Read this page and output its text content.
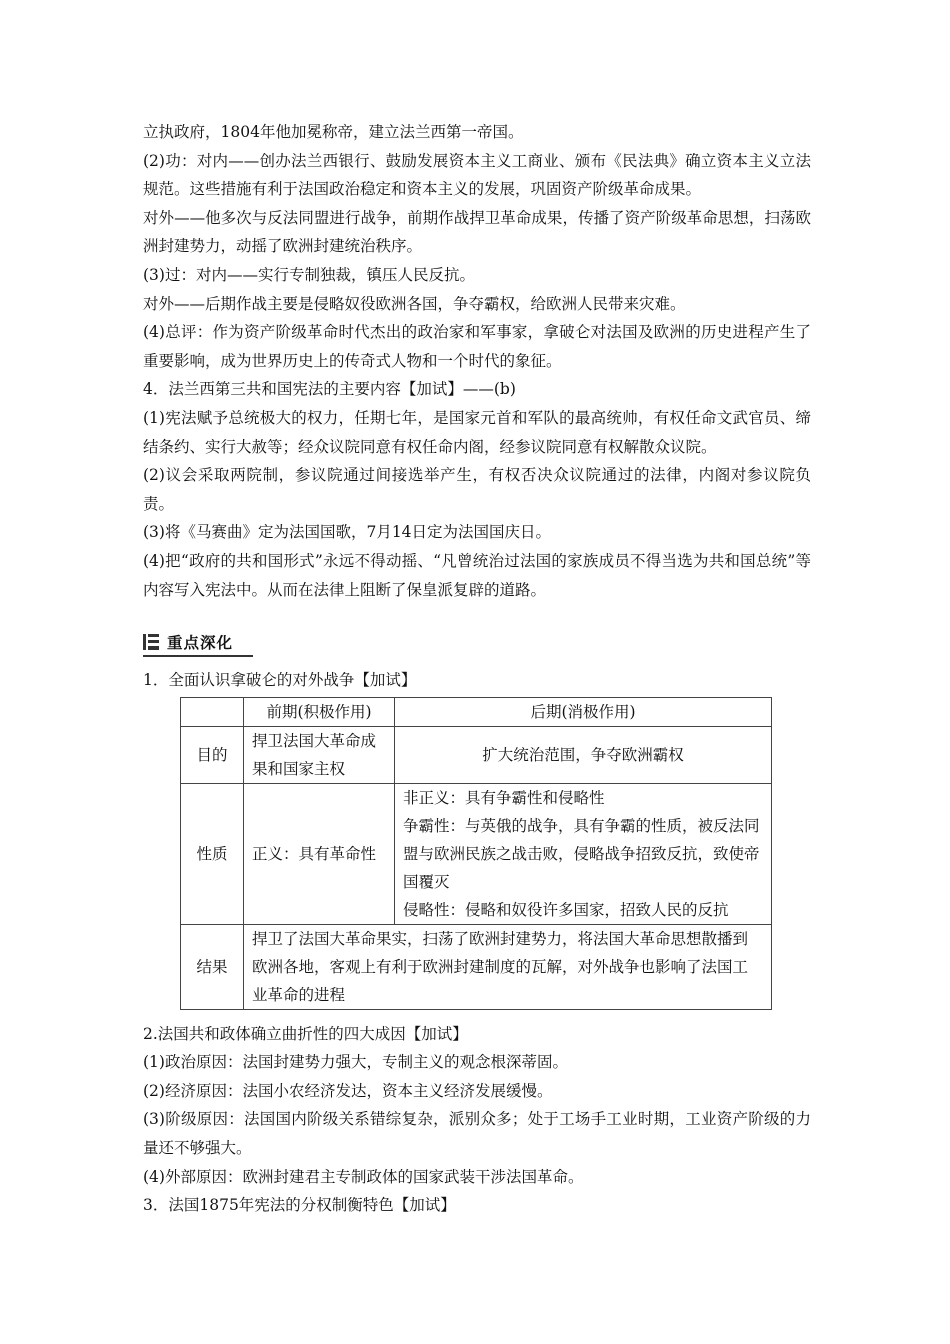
立执政府，1804年他加冕称帝，建立法兰西第一帝国。

(2)功：对内——创办法兰西银行、鼓励发展资本主义工商业、颁布《民法典》确立资本主义立法规范。这些措施有利于法国政治稳定和资本主义的发展，巩固资产阶级革命成果。

对外——他多次与反法同盟进行战争，前期作战捍卫革命成果，传播了资产阶级革命思想，扫荡欧洲封建势力，动摇了欧洲封建统治秩序。

(3)过：对内——实行专制独裁，镇压人民反抗。

对外——后期作战主要是侵略奴役欧洲各国，争夺霸权，给欧洲人民带来灾难。

(4)总评：作为资产阶级革命时代杰出的政治家和军事家，拿破仑对法国及欧洲的历史进程产生了重要影响，成为世界历史上的传奇式人物和一个时代的象征。

4．法兰西第三共和国宪法的主要内容【加试】——(b)

(1)宪法赋予总统极大的权力，任期七年，是国家元首和军队的最高统帅，有权任命文武官员、缔结条约、实行大赦等；经众议院同意有权任命内阁，经参议院同意有权解散众议院。

(2)议会采取两院制，参议院通过间接选举产生，有权否决众议院通过的法律，内阁对参议院负责。

(3)将《马赛曲》定为法国国歌，7月14日定为法国国庆日。

(4)把“政府的共和国形式”永远不得动摇、“凡曾统治过法国的家族成员不得当选为共和国总统”等内容写入宪法中。从而在法律上阻断了保皇派复辟的道路。

重点深化

1．全面认识拿破仑的对外战争【加试】

	前期(积极作用)	后期(消极作用)
目的	捍卫法国大革命成果和国家主权	扩大统治范围，争夺欧洲霸权
性质	正义：具有革命性	非正义：具有争霸性和侵略性
争霸性：与英俄的战争，具有争霸的性质，被反法同盟与欧洲民族之战击败，侵略战争招致反抗，致使帝国覆灭
侵略性：侵略和奴役许多国家，招致人民的反抗

结果	捍卫了法国大革命果实，扫荡了欧洲封建势力，将法国大革命思想散播到欧洲各地，客观上有利于欧洲封建制度的瓦解，对外战争也影响了法国工业革命的进程	

2.法国共和政体确立曲折性的四大成因【加试】

(1)政治原因：法国封建势力强大，专制主义的观念根深蒂固。

(2)经济原因：法国小农经济发达，资本主义经济发展缓慢。

(3)阶级原因：法国国内阶级关系错综复杂，派别众多；处于工场手工业时期，工业资产阶级的力量还不够强大。

(4)外部原因：欧洲封建君主专制政体的国家武装干涉法国革命。

3．法国1875年宪法的分权制衡特色【加试】
